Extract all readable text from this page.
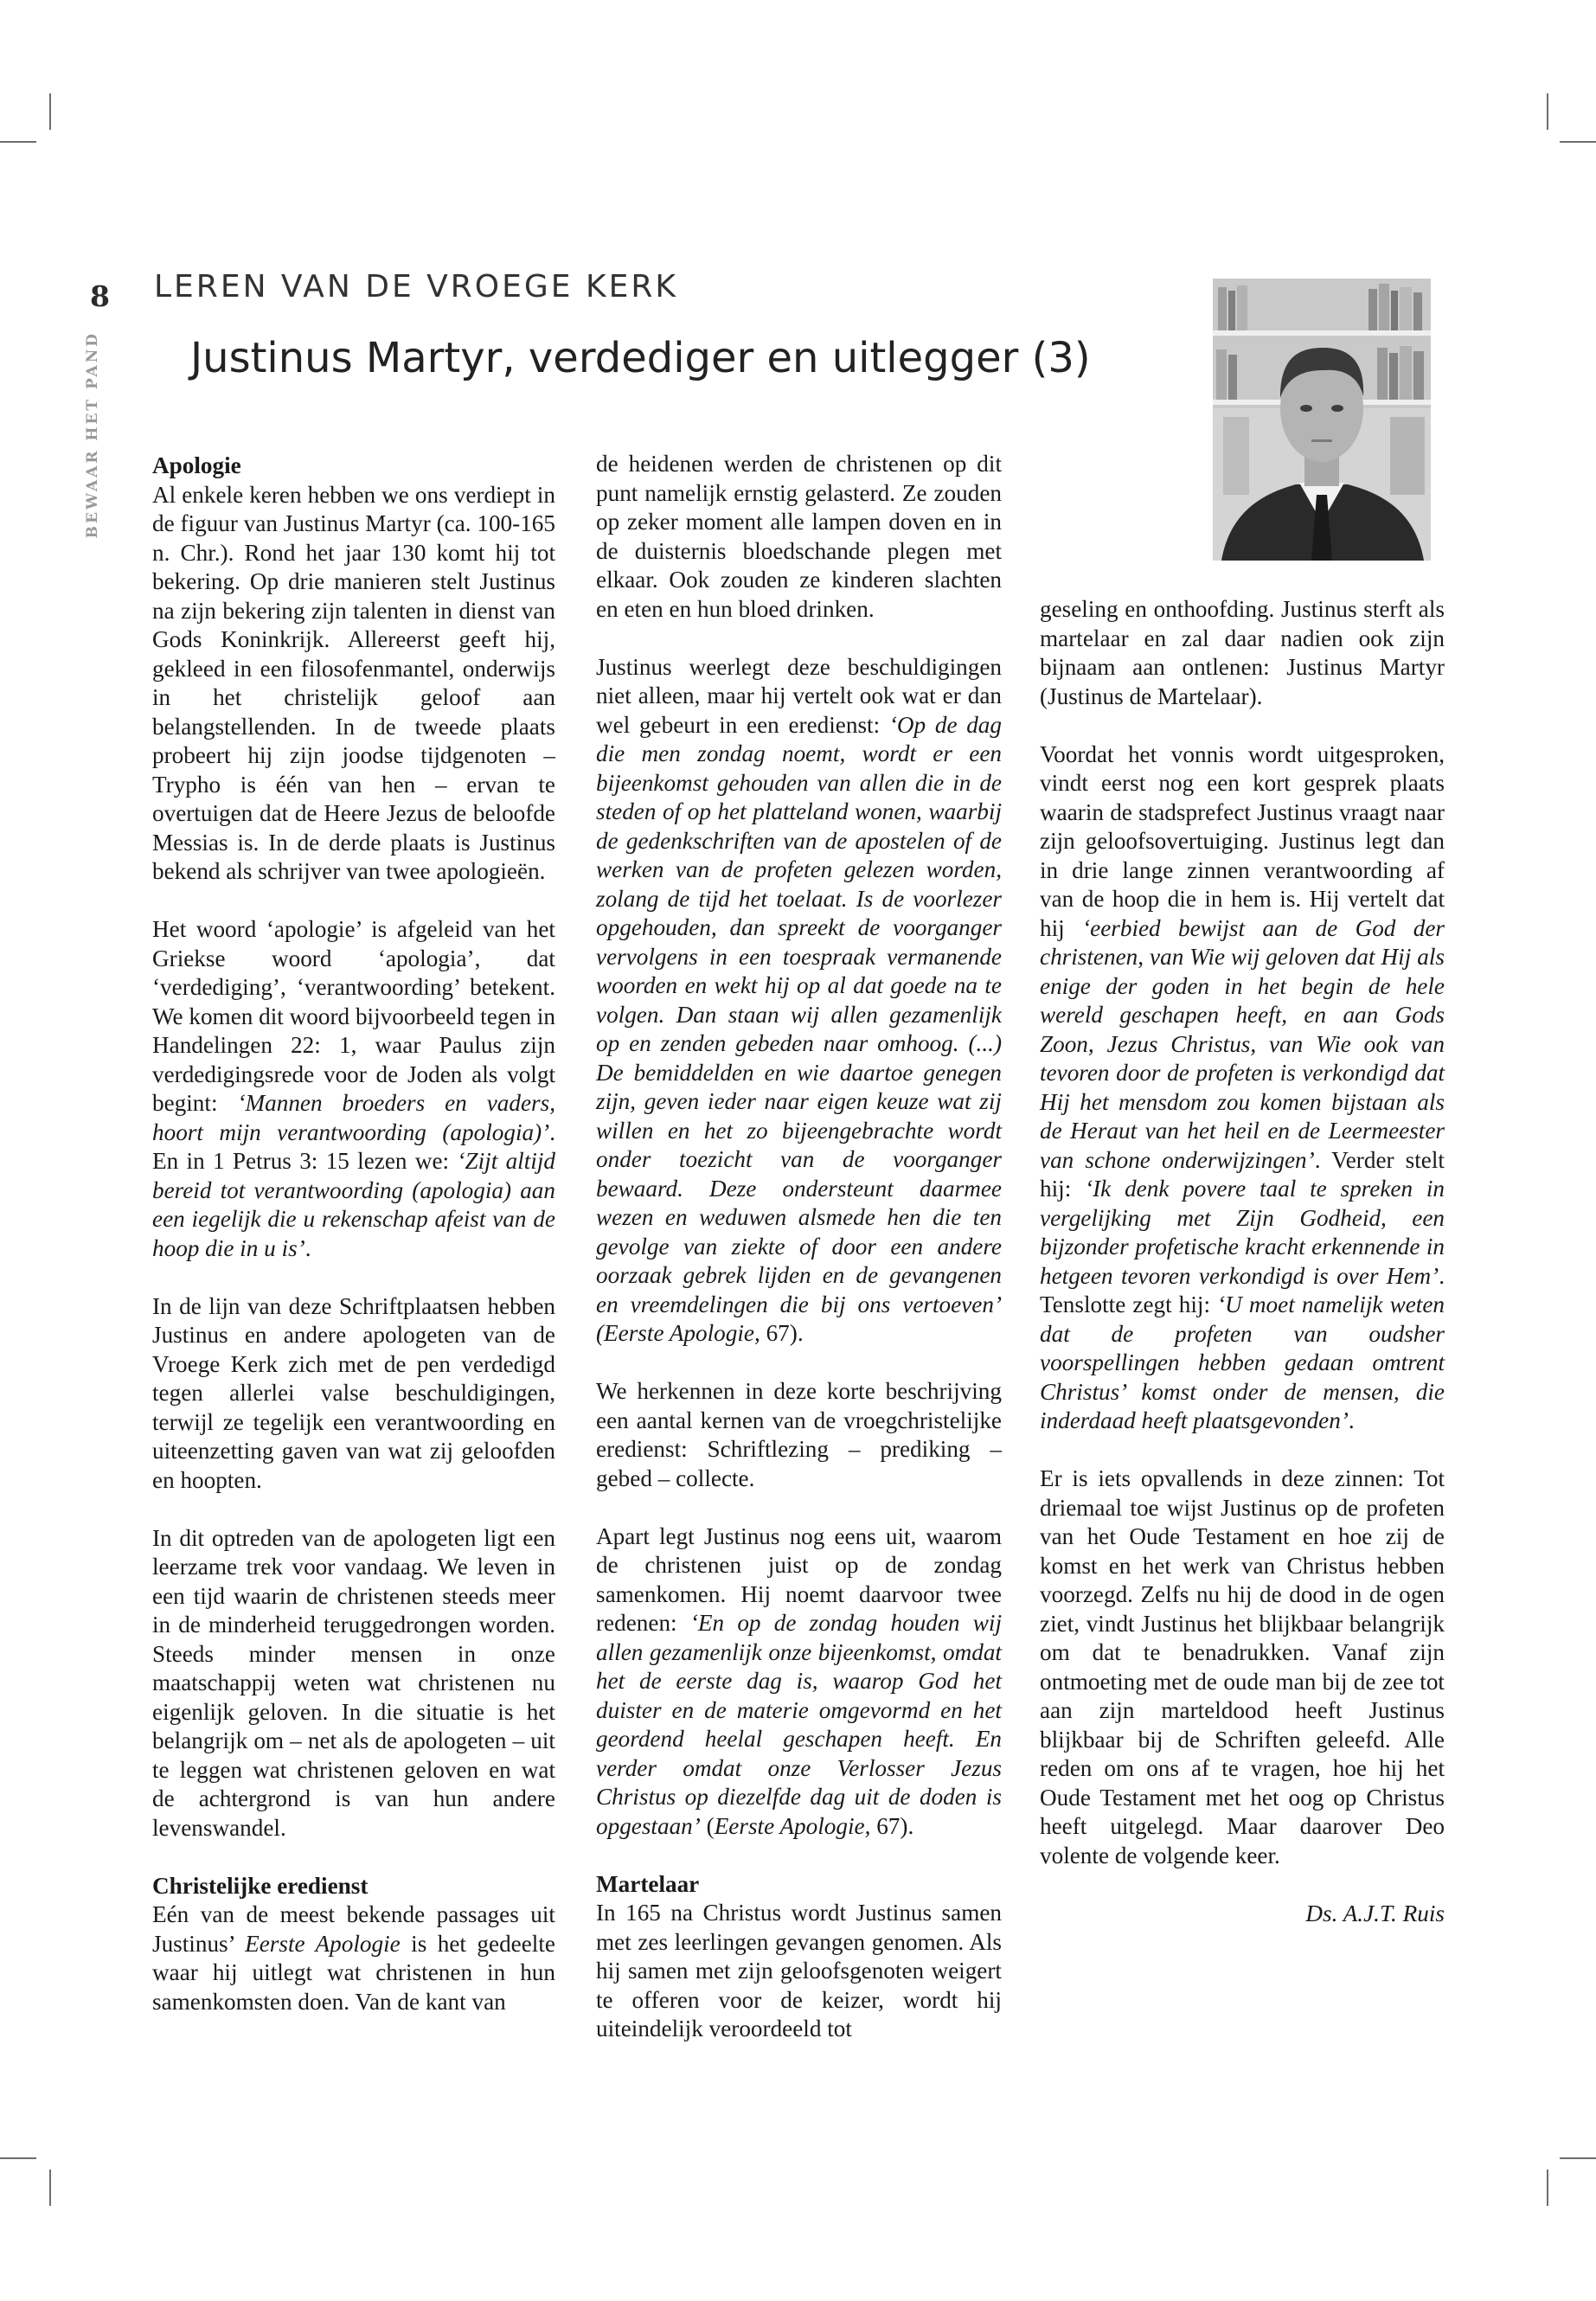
8
BEWAAR HET PAND
LEREN VAN DE VROEGE KERK
Justinus Martyr, verdediger en uitlegger (3)
Apologie

Al enkele keren hebben we ons verdiept in de figuur van Justinus Martyr (ca. 100-165 n. Chr.). Rond het jaar 130 komt hij tot bekering. Op drie manieren stelt Justinus na zijn bekering zijn talenten in dienst van Gods Koninkrijk. Allereerst geeft hij, gekleed in een filosofenmantel, onderwijs in het christelijk geloof aan belangstellenden. In de tweede plaats probeert hij zijn joodse tijdgenoten – Trypho is één van hen – ervan te overtuigen dat de Heere Jezus de beloofde Messias is. In de derde plaats is Justinus bekend als schrijver van twee apologieën.

Het woord ‘apologie’ is afgeleid van het Griekse woord ‘apologia’, dat ‘verdediging’, ‘verantwoording’ betekent. We komen dit woord bijvoorbeeld tegen in Handelingen 22: 1, waar Paulus zijn verdedigingsrede voor de Joden als volgt begint: ‘Mannen broeders en vaders, hoort mijn verantwoording (apologia)’. En in 1 Petrus 3: 15 lezen we: ‘Zijt altijd bereid tot verantwoording (apologia) aan een iegelijk die u rekenschap afeist van de hoop die in u is’.

In de lijn van deze Schriftplaatsen hebben Justinus en andere apologeten van de Vroege Kerk zich met de pen verdedigd tegen allerlei valse beschuldigingen, terwijl ze tegelijk een verantwoording en uiteenzetting gaven van wat zij geloofden en hoopten.

In dit optreden van de apologeten ligt een leerzame trek voor vandaag. We leven in een tijd waarin de christenen steeds meer in de minderheid teruggedrongen worden. Steeds minder mensen in onze maatschappij weten wat christenen nu eigenlijk geloven. In die situatie is het belangrijk om – net als de apologeten – uit te leggen wat christenen geloven en wat de achtergrond is van hun andere levenswandel.

Christelijke eredienst

Eén van de meest bekende passages uit Justinus’ Eerste Apologie is het gedeelte waar hij uitlegt wat christenen in hun samenkomsten doen. Van de kant van

de heidenen werden de christenen op dit punt namelijk ernstig gelasterd. Ze zouden op zeker moment alle lampen doven en in de duisternis bloedschande plegen met elkaar. Ook zouden ze kinderen slachten en eten en hun bloed drinken.

Justinus weerlegt deze beschuldigingen niet alleen, maar hij vertelt ook wat er dan wel gebeurt in een eredienst: ‘Op de dag die men zondag noemt, wordt er een bijeenkomst gehouden van allen die in de steden of op het platteland wonen, waarbij de gedenkschriften van de apostelen of de werken van de profeten gelezen worden, zolang de tijd het toelaat. Is de voorlezer opgehouden, dan spreekt de voorganger vervolgens in een toespraak vermanende woorden en wekt hij op al dat goede na te volgen. Dan staan wij allen gezamenlijk op en zenden gebeden naar omhoog. (...) De bemiddelden en wie daartoe genegen zijn, geven ieder naar eigen keuze wat zij willen en het zo bijeengebrachte wordt onder toezicht van de voorganger bewaard. Deze ondersteunt daarmee wezen en weduwen alsmede hen die ten gevolge van ziekte of door een andere oorzaak gebrek lijden en de gevangenen en vreemdelingen die bij ons vertoeven’ (Eerste Apologie, 67).

We herkennen in deze korte beschrijving een aantal kernen van de vroegchristelijke eredienst: Schriftlezing – prediking – gebed – collecte.

Apart legt Justinus nog eens uit, waarom de christenen juist op de zondag samenkomen. Hij noemt daarvoor twee redenen: ‘En op de zondag houden wij allen gezamenlijk onze bijeenkomst, omdat het de eerste dag is, waarop God het duister en de materie omgevormd en het geordend heelal geschapen heeft. En verder omdat onze Verlosser Jezus Christus op diezelfde dag uit de doden is opgestaan’ (Eerste Apologie, 67).

Martelaar

In 165 na Christus wordt Justinus samen met zes leerlingen gevangen genomen. Als hij samen met zijn geloofsgenoten weigert te offeren voor de keizer, wordt hij uiteindelijk veroordeeld tot

geseling en onthoofding. Justinus sterft als martelaar en zal daar nadien ook zijn bijnaam aan ontlenen: Justinus Martyr (Justinus de Martelaar).

Voordat het vonnis wordt uitgesproken, vindt eerst nog een kort gesprek plaats waarin de stadsprefect Justinus vraagt naar zijn geloofsovertuiging. Justinus legt dan in drie lange zinnen verantwoording af van de hoop die in hem is. Hij vertelt dat hij ‘eerbied bewijst aan de God der christenen, van Wie wij geloven dat Hij als enige der goden in het begin de hele wereld geschapen heeft, en aan Gods Zoon, Jezus Christus, van Wie ook van tevoren door de profeten is verkondigd dat Hij het mensdom zou komen bijstaan als de Heraut van het heil en de Leermeester van schone onderwijzingen’. Verder stelt hij: ‘Ik denk povere taal te spreken in vergelijking met Zijn Godheid, een bijzonder profetische kracht erkennende in hetgeen tevoren verkondigd is over Hem’. Tenslotte zegt hij: ‘U moet namelijk weten dat de profeten van oudsher voorspellingen hebben gedaan omtrent Christus’ komst onder de mensen, die inderdaad heeft plaatsgevonden’.

Er is iets opvallends in deze zinnen: Tot driemaal toe wijst Justinus op de profeten van het Oude Testament en hoe zij de komst en het werk van Christus hebben voorzegd. Zelfs nu hij de dood in de ogen ziet, vindt Justinus het blijkbaar belangrijk om dat te benadrukken. Vanaf zijn ontmoeting met de oude man bij de zee tot aan zijn marteldood heeft Justinus blijkbaar bij de Schriften geleefd. Alle reden om ons af te vragen, hoe hij het Oude Testament met het oog op Christus heeft uitgelegd. Maar daarover Deo volente de volgende keer.

Ds. A.J.T. Ruis
